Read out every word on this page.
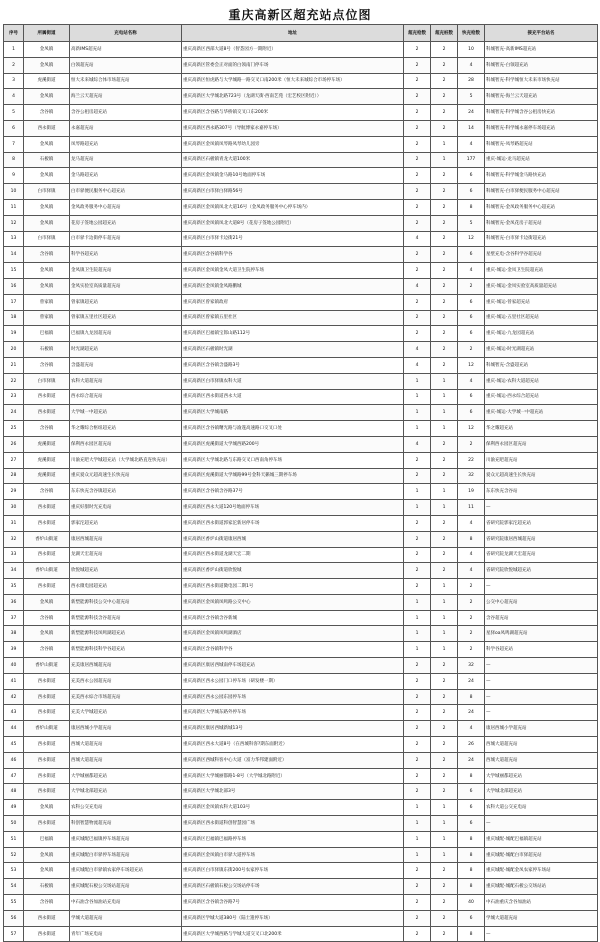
重庆高新区超充站点位图
序号	所属街道	充电站名称	地址	超充枪数	超充桩数	快充枪数	接充平台站名
1	金凤镇	高新IMS超充站	重庆高新区西部大道8号（智荟园方一期附近）	2	2	10	科城智充-高新IMS超充站
2	金凤镇	白领超充站	重庆高新区管委会正对面的白领南门停车场	2	2	4	科城智充-白领超充站
3	虎溪街道	恒大未来城综合体市场超充站	重庆高新区恒虎路与大学城路一路交叉口南200米（恒大未来城综合市场停车场）	2	2	28	科城智充-科学城恒大未来市场快充站
4	金凤镇	海兰云天超充站	重庆高新区大学城北路723号（龙湖天街·西南艺苑（宏艺校区附近））	2	2	5	科城智充-海兰云天超充站
5	含谷镇	含谷公租房超充站	重庆高新区含谷路与华桥镇交叉口东200米	2	2	24	科城智充-科学城含谷公租房快充站
6	西永街道	永嘉超充站	重庆高新区西永路307号（导航博家永嘉停车场）	2	2	14	科城智充-科学城永嘉停车场超充站
7	金凤镇	凤琴路超充站	重庆高新区金凤镇凤琴路凤琴幼儿园旁	2	1	4	科城智充-凤琴路超充站
8	石板镇	龙马超充站	重庆高新区石板镇青龙大道100米	2	1	177	重庆-城运-龙马超充站
9	金凤镇	金马路超充站	重庆高新区金凤镇金马路10号地面停车场	2	2	6	科城智充-科学城金马路快充站
10	白市驿镇	白市驿便民服务中心超充站	重庆高新区白市驿白驿路56号	2	2	6	科城智充-白市驿便民服务中心超充站
11	金凤镇	金凤政务服务中心超充站	重庆高新区金凤镇凤北大道16号（金凤政务服务中心停车场内）	2	2	8	科城智充-金凤政务服务中心超充站
12	金凤镇	花房子签地公园超充站	重庆高新区金凤镇凤北大道8号（花房子签地公园附近）	2	2	5	科城智充-金凤花房子超充站
13	白市驿镇	白市驿卡边街停车超充站	重庆高新区白市驿卡边街21号	4	2	12	科城智充-白市驿卡边街超充站
14	含谷镇	科学谷超充站	重庆高新区含谷镇科学谷	2	2	6	星壁充电-含谷科学谷超充站
15	金凤镇	金凤镇卫生院超充站	重庆高新区金凤镇金凤大道卫生院停车场	2	2	4	重庆-城运-金凤卫生院超充站
16	金凤镇	金凤实验室高质量超充站	重庆高新区金凤镇金凤路鹏城	4	2	2	重庆-城运-金凤实验室高质量超充站
17	曾家镇	曾家镇超充站	重庆高新区曾家镇政府	2	2	6	重庆-城运-曾家超充站
18	曾家镇	曾家镇五里社区超充站	重庆高新区曾家镇五里社区	2	2	6	重庆-城运-五里社区超充站
19	巴福镇	巴福镇九龙园超充站	重庆高新区巴福镇宝郎山路112号	2	2	6	重庆-城运-九龙园超充站
20	石板镇	时光湖超充站	重庆高新区石板镇时光湖	4	2	2	重庆-城运-时光湖超充站
21	含谷镇	含盛超充站	重庆高新区含谷镇含盛路3号	4	2	12	科城智充-含盛超充站
22	白市驿镇	农科大道超充站	重庆高新区白市驿镇农科大道	1	1	4	重庆-城运-农科大道超充站
23	西永街道	西永综合超充站	重庆高新区西永街道西永大道	1	1	6	重庆-城运-西永综合超充站
24	西永街道	大学城一中超充站	重庆高新区大学城南路	1	1	6	重庆-城运-大学城一中超充站
25	含谷镇	华之耀综合枢纽超充站	重庆高新区含谷镇曙光路与渝遂高速路口交叉口处	1	1	12	华之耀超充站
26	虎溪街道	保利西永园区超充站	重庆高新区虎溪街道大学城西路200号	4	2	2	保利西永园区超充站
27	虎溪街道	川渝充吧大学城超充站（大学城北路直连快充站）	重庆高新区大学城北路与东路交叉口西南角停车场	2	2	22	川渝充吧超充站
28	虎溪街道	重庆爱众元超高速生长快充站	重庆高新区虎溪街道大学城路99号金科天籁城三期停车场	2	2	32	爱众元超高速生长快充站
29	含谷镇	东东快充含谷镇超充站	重庆高新区含谷镇含谷路37号	1	1	19	东东快充含谷站
30	西永街道	重庆好甜时光充电站	重庆高新区西永大道120号地面停车场	1	1	11	—
31	西永街道	郭家沱超充站	重庆高新区西永街道郭家沱新居停车场	2	2	4	省研究院郭家沱超充站
32	香炉山街道	康居西城超充站	重庆高新区香炉山街道康居西城	2	2	8	省研究院康居西城超充站
33	西永街道	龙湖天宏超充站	重庆高新区西永街道龙湖天宏二期	2	2	4	省研究院龙湖天宏超充站
34	香炉山街道	欣悦城超充站	重庆高新区香炉山街道欣悦城	2	2	4	省研究院欣悦城超充站
35	西永街道	西永微电园超充站	重庆高新区西永街道微电园二期1号	2	1	2	—
36	金凤镇	新塑能源科技公交中心超充站	重庆高新区金凤镇凤鸣路公交中心	1	1	2	公交中心超充站
37	含谷镇	新塑能源科技含谷超充站	重庆高新区含谷镇含谷新城	1	1	2	含谷超充站
38	金凤镇	新塑能源科技凤鸣湖超充站	重庆高新区金凤镇凤鸣湖酒店	1	1	2	星驿oa凤鸣湖超充站
39	含谷镇	新塑能源科技科学谷超充站	重庆高新区含谷镇科学谷	1	1	2	科学谷超充站
40	香炉山街道	充美康居西城超充站	重庆高新区康居西城南停车场超充站	2	2	32	—
41	西永街道	充美西永公园超充站	重庆高新区西永公园门口停车场（研发楼一期）	2	2	24	—
42	西永街道	充美西永綜合市场超充站	重庆高新区西永公园东园停车场	2	2	8	—
43	西永街道	充美大学城超充站	重庆高新区大学城东路外停车场	2	2	24	—
44	香炉山街道	康居西城小学超充站	重庆高新区康居西城新城13号	2	2	4	康居西城小学超充站
45	西永街道	西城大道超充站	重庆高新区西永大道8号（在西城科客?期东面附近）	2	2	26	西城大道超充站
46	西永街道	西城大道超充站	重庆高新区西城科客中心大道（富力华邦建面附近）	2	2	24	西城大道超充站
47	西永街道	大学城丽都超充站	重庆高新区大学城丽都路1-8号（大学城北路附近）	2	2	8	大学城丽都超充站
48	西永街道	大学城北部超充站	重庆高新区大学城北部3号	2	2	6	大学城北部超充站
49	金凤镇	农科公交充电站	重庆高新区金凤镇农科大道103号	1	1	6	农科大道公交充电站
50	西永街道	科创智慧物流超充站	重庆高新区西永街道科创智慧园广场	1	1	6	—
51	巴福镇	重庆城配巴福镇停车场超充站	重庆高新区巴福镇巴福路停车场	1	1	8	重庆城配-城配巴福镇超充站
52	金凤镇	重庆城配白市驿停车场超充站	重庆高新区金凤镇白市驿大道停车场	1	1	8	重庆城配-城配白市驿超充站
53	金凤镇	重庆城配白市驿镇农家停车场超充站	重庆高新区白市驿镇东街200号农家停车场	2	2	8	重庆城配-城配金凤农家停车场站
54	石板镇	重庆城配石板公交场站超充站	重庆高新区石板镇石板公交场站停车场	2	2	8	重庆城配-城配石板公交场站站
55	含谷镇	中石油含谷加油站充电站	重庆高新区含谷镇含谷路7号	2	2	40	中石油重庆含谷加油站
56	西永街道	学城大道超充站	重庆高新区学城大道380号（陆士遗停车场）	2	2	6	学城大道超充站
57	西永街道	青年广场充电站	重庆高新区大学城西路与学城大道交叉口北200米	2	2	8	—
